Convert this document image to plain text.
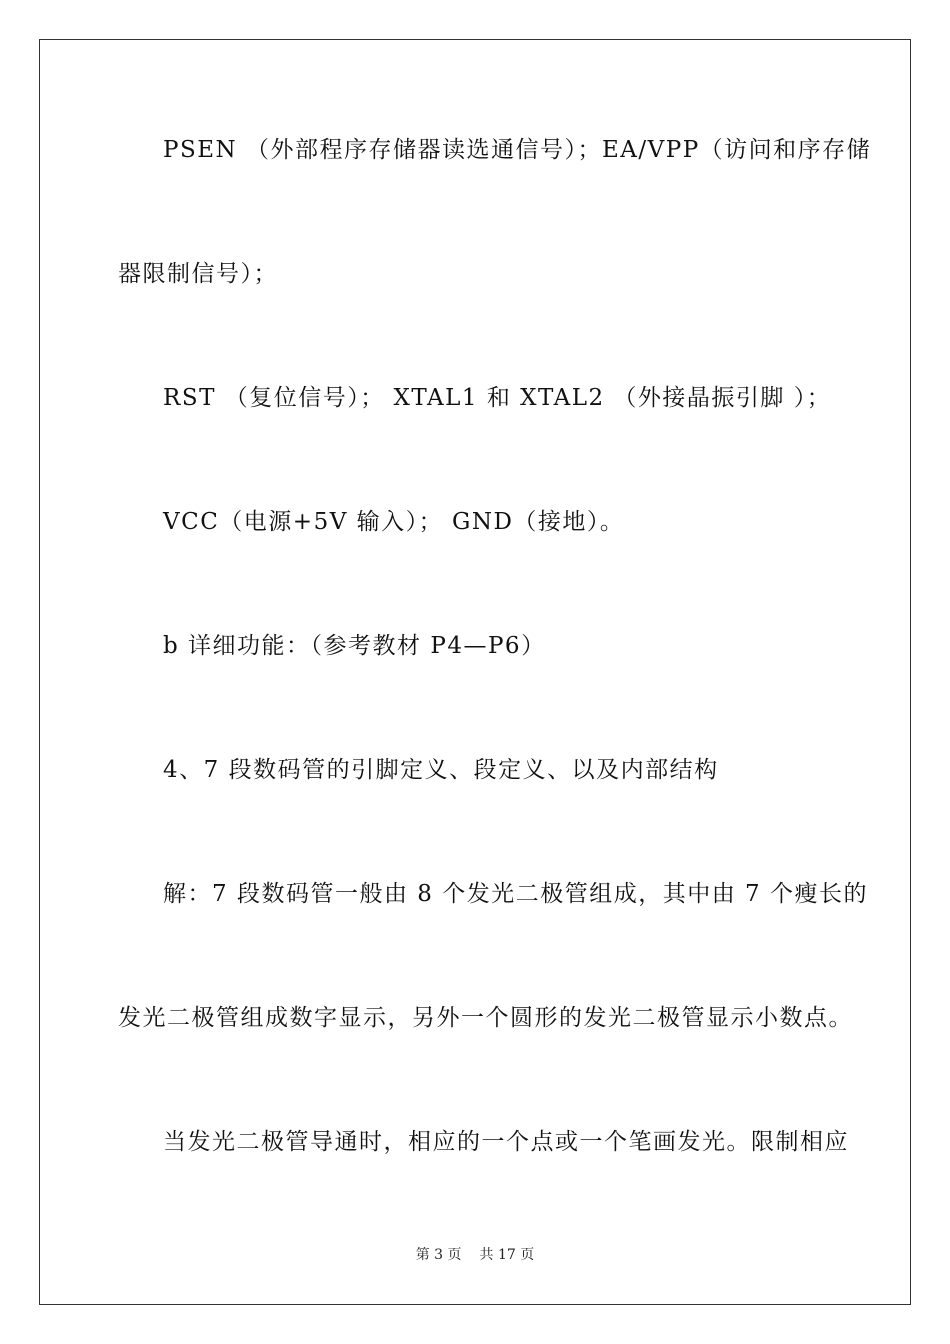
PSEN （外部程序存储器读选通信号）；EA/VPP（访问和序存储
器限制信号）；
RST （复位信号）； XTAL1 和 XTAL2 （外接晶振引脚 ）；
VCC（电源+5V 输入）； GND（接地）。
b 详细功能：（参考教材 P4—P6）
4、7 段数码管的引脚定义、段定义、以及内部结构
解：7 段数码管一般由 8 个发光二极管组成，其中由 7 个瘦长的
发光二极管组成数字显示，另外一个圆形的发光二极管显示小数点。
当发光二极管导通时，相应的一个点或一个笔画发光。限制相应
第 3 页 共 17 页
